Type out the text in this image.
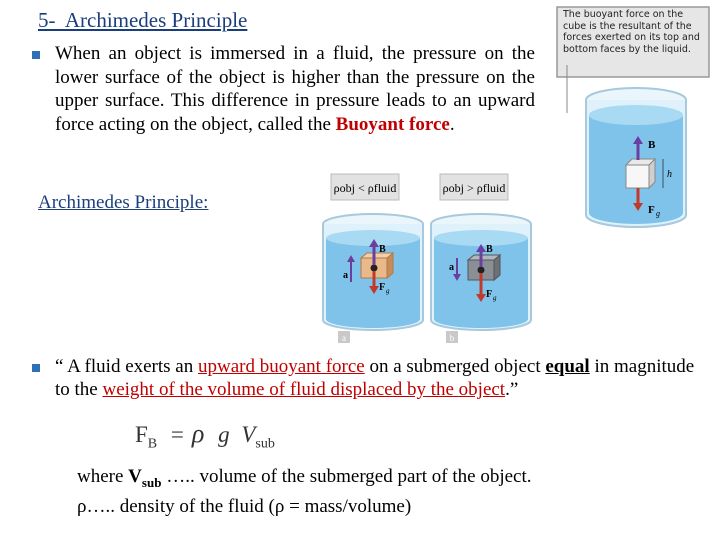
5-  Archimedes Principle
When an object is immersed in a fluid, the pressure on the lower surface of the object is higher than the pressure on the upper surface. This difference in pressure leads to an upward force acting on the object, called the Buoyant force.
Archimedes Principle:
The buoyant force on the cube is the resultant of the forces exerted on its top and bottom faces by the liquid.
B
F g
h
ρobj < ρfluid	ρobj > ρfluid
a
B
F g
a
a
B
F g
b
“ A fluid exerts an upward buoyant force on a submerged object equal in magnitude to the weight of the volume of fluid displaced by the object.”
$F_B = \rho$ g $V_{sub}$
where $V_{sub}$ ….. volume of the submerged part of the object.
ρ….. density of the fluid (ρ = mass/volume)
